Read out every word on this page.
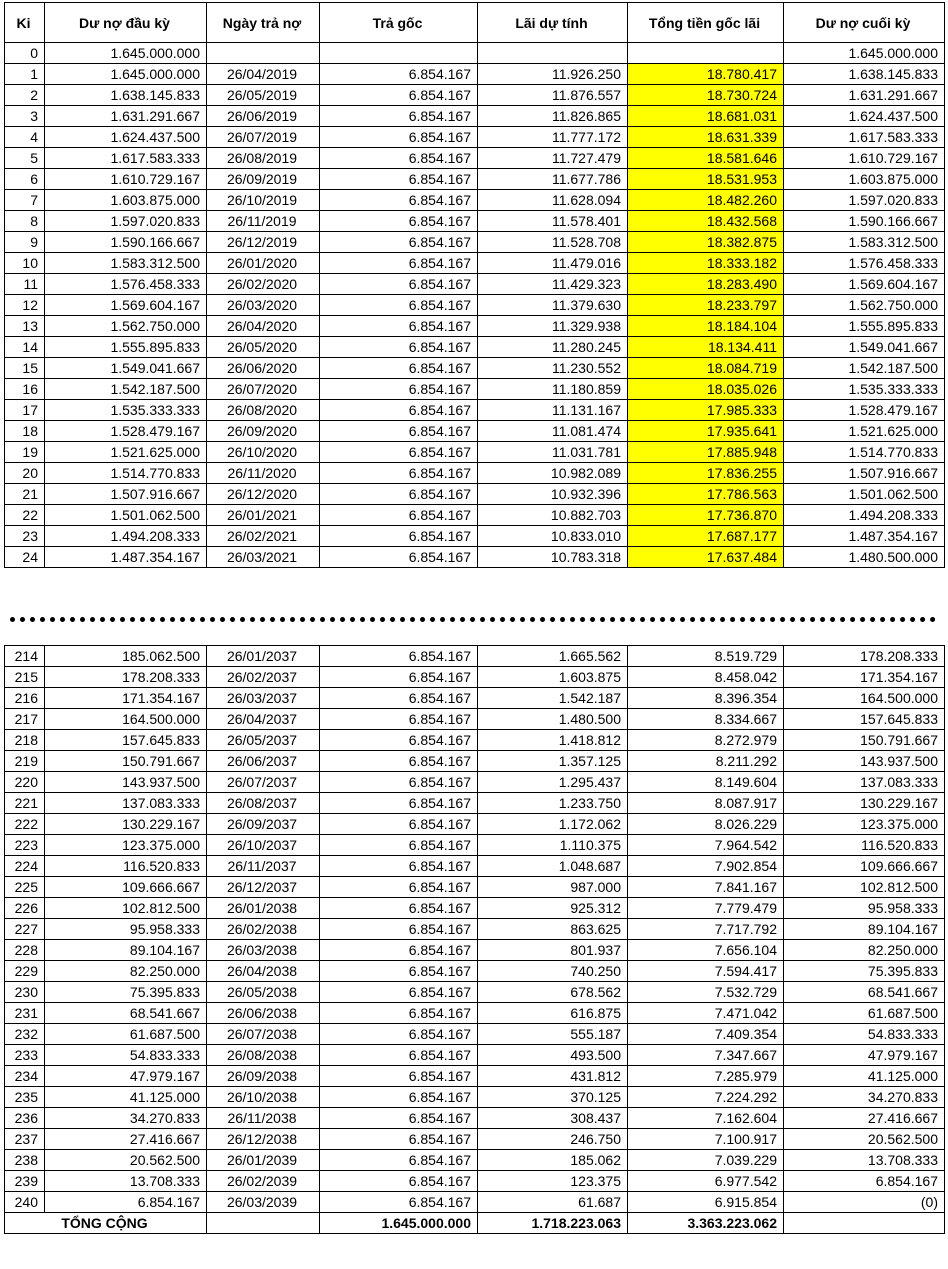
Ki	Dư nợ đầu kỳ	Ngày trả nợ	Trả gốc	Lãi dự tính	Tổng tiền gốc lãi	Dư nợ cuối kỳ
0	1.645.000.000					1.645.000.000
1	1.645.000.000	26/04/2019	6.854.167	11.926.250	18.780.417	1.638.145.833
2	1.638.145.833	26/05/2019	6.854.167	11.876.557	18.730.724	1.631.291.667
3	1.631.291.667	26/06/2019	6.854.167	11.826.865	18.681.031	1.624.437.500
4	1.624.437.500	26/07/2019	6.854.167	11.777.172	18.631.339	1.617.583.333
5	1.617.583.333	26/08/2019	6.854.167	11.727.479	18.581.646	1.610.729.167
6	1.610.729.167	26/09/2019	6.854.167	11.677.786	18.531.953	1.603.875.000
7	1.603.875.000	26/10/2019	6.854.167	11.628.094	18.482.260	1.597.020.833
8	1.597.020.833	26/11/2019	6.854.167	11.578.401	18.432.568	1.590.166.667
9	1.590.166.667	26/12/2019	6.854.167	11.528.708	18.382.875	1.583.312.500
10	1.583.312.500	26/01/2020	6.854.167	11.479.016	18.333.182	1.576.458.333
11	1.576.458.333	26/02/2020	6.854.167	11.429.323	18.283.490	1.569.604.167
12	1.569.604.167	26/03/2020	6.854.167	11.379.630	18.233.797	1.562.750.000
13	1.562.750.000	26/04/2020	6.854.167	11.329.938	18.184.104	1.555.895.833
14	1.555.895.833	26/05/2020	6.854.167	11.280.245	18.134.411	1.549.041.667
15	1.549.041.667	26/06/2020	6.854.167	11.230.552	18.084.719	1.542.187.500
16	1.542.187.500	26/07/2020	6.854.167	11.180.859	18.035.026	1.535.333.333
17	1.535.333.333	26/08/2020	6.854.167	11.131.167	17.985.333	1.528.479.167
18	1.528.479.167	26/09/2020	6.854.167	11.081.474	17.935.641	1.521.625.000
19	1.521.625.000	26/10/2020	6.854.167	11.031.781	17.885.948	1.514.770.833
20	1.514.770.833	26/11/2020	6.854.167	10.982.089	17.836.255	1.507.916.667
21	1.507.916.667	26/12/2020	6.854.167	10.932.396	17.786.563	1.501.062.500
22	1.501.062.500	26/01/2021	6.854.167	10.882.703	17.736.870	1.494.208.333
23	1.494.208.333	26/02/2021	6.854.167	10.833.010	17.687.177	1.487.354.167
24	1.487.354.167	26/03/2021	6.854.167	10.783.318	17.637.484	1.480.500.000
214	185.062.500	26/01/2037	6.854.167	1.665.562	8.519.729	178.208.333
215	178.208.333	26/02/2037	6.854.167	1.603.875	8.458.042	171.354.167
216	171.354.167	26/03/2037	6.854.167	1.542.187	8.396.354	164.500.000
217	164.500.000	26/04/2037	6.854.167	1.480.500	8.334.667	157.645.833
218	157.645.833	26/05/2037	6.854.167	1.418.812	8.272.979	150.791.667
219	150.791.667	26/06/2037	6.854.167	1.357.125	8.211.292	143.937.500
220	143.937.500	26/07/2037	6.854.167	1.295.437	8.149.604	137.083.333
221	137.083.333	26/08/2037	6.854.167	1.233.750	8.087.917	130.229.167
222	130.229.167	26/09/2037	6.854.167	1.172.062	8.026.229	123.375.000
223	123.375.000	26/10/2037	6.854.167	1.110.375	7.964.542	116.520.833
224	116.520.833	26/11/2037	6.854.167	1.048.687	7.902.854	109.666.667
225	109.666.667	26/12/2037	6.854.167	987.000	7.841.167	102.812.500
226	102.812.500	26/01/2038	6.854.167	925.312	7.779.479	95.958.333
227	95.958.333	26/02/2038	6.854.167	863.625	7.717.792	89.104.167
228	89.104.167	26/03/2038	6.854.167	801.937	7.656.104	82.250.000
229	82.250.000	26/04/2038	6.854.167	740.250	7.594.417	75.395.833
230	75.395.833	26/05/2038	6.854.167	678.562	7.532.729	68.541.667
231	68.541.667	26/06/2038	6.854.167	616.875	7.471.042	61.687.500
232	61.687.500	26/07/2038	6.854.167	555.187	7.409.354	54.833.333
233	54.833.333	26/08/2038	6.854.167	493.500	7.347.667	47.979.167
234	47.979.167	26/09/2038	6.854.167	431.812	7.285.979	41.125.000
235	41.125.000	26/10/2038	6.854.167	370.125	7.224.292	34.270.833
236	34.270.833	26/11/2038	6.854.167	308.437	7.162.604	27.416.667
237	27.416.667	26/12/2038	6.854.167	246.750	7.100.917	20.562.500
238	20.562.500	26/01/2039	6.854.167	185.062	7.039.229	13.708.333
239	13.708.333	26/02/2039	6.854.167	123.375	6.977.542	6.854.167
240	6.854.167	26/03/2039	6.854.167	61.687	6.915.854	(0)
TỔNG CỘNG			1.645.000.000	1.718.223.063	3.363.223.062	
